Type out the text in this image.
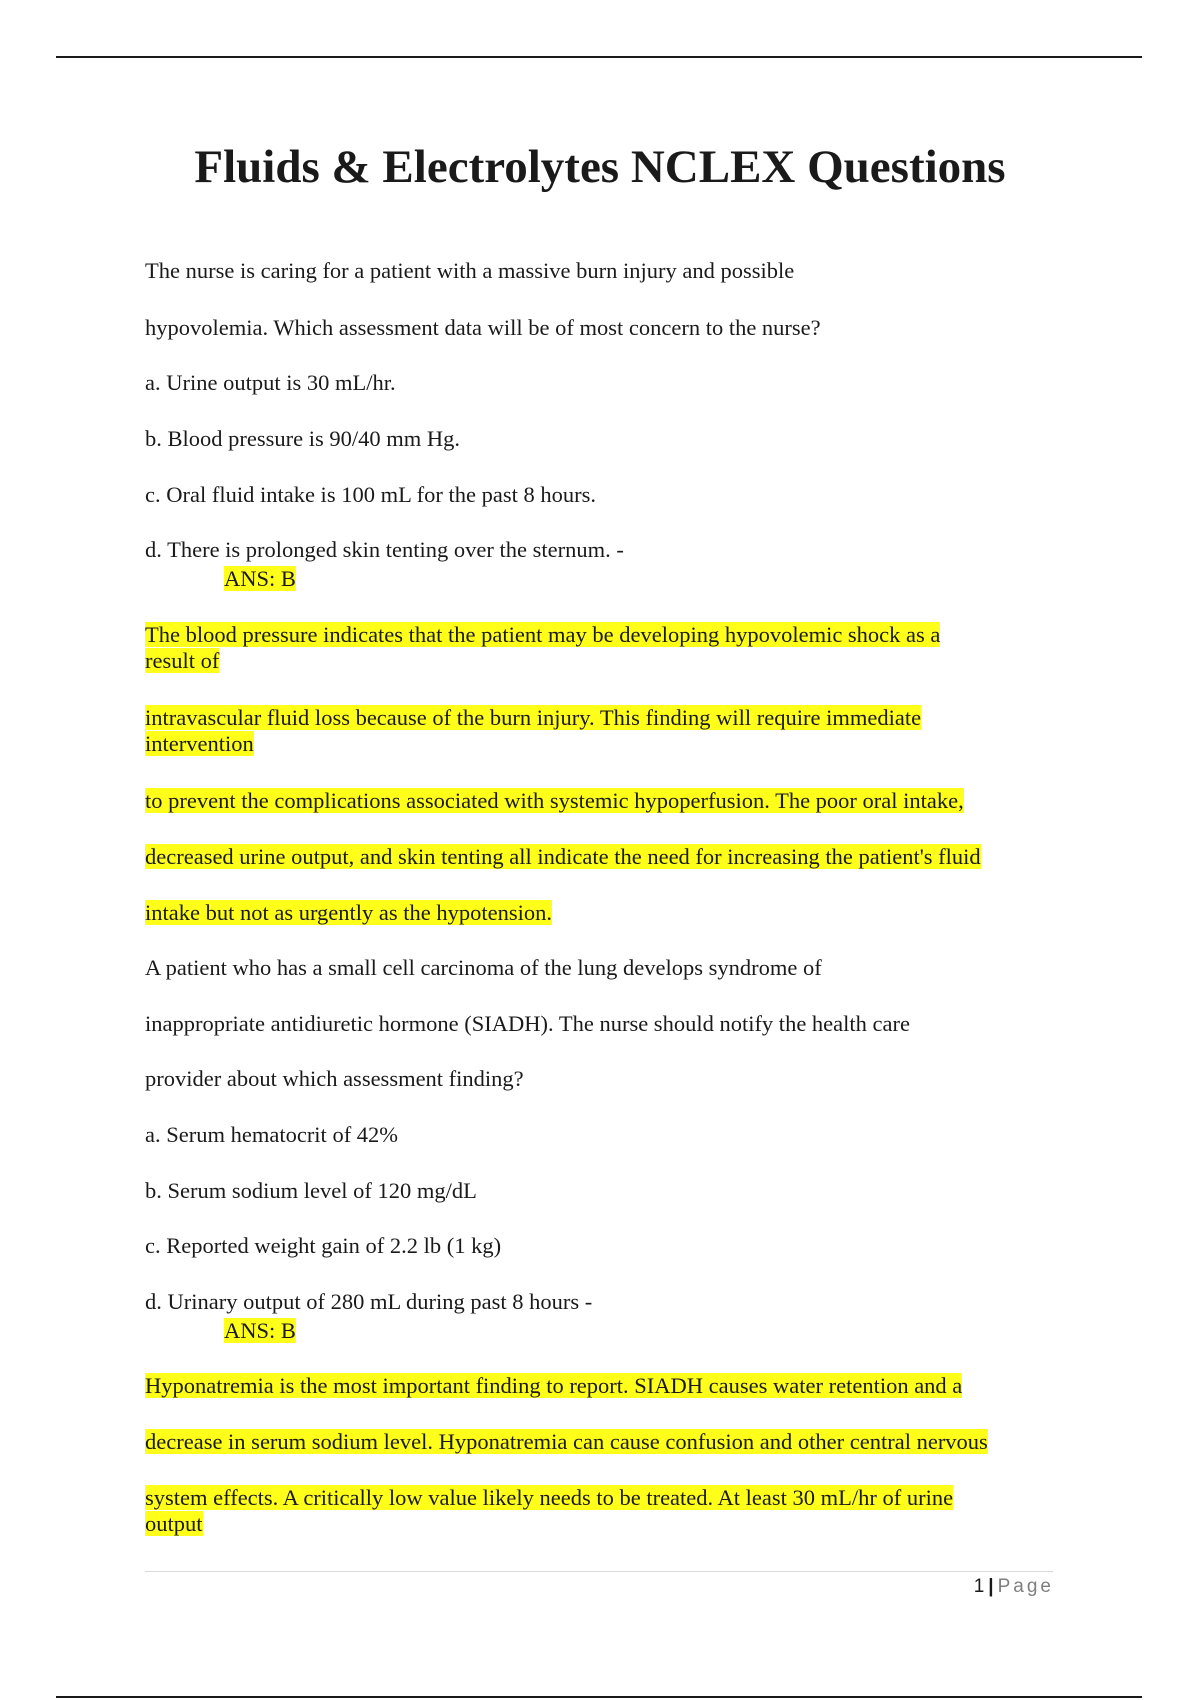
Fluids & Electrolytes NCLEX Questions

The nurse is caring for a patient with a massive burn injury and possible

hypovolemia. Which assessment data will be of most concern to the nurse?

a. Urine output is 30 mL/hr.

b. Blood pressure is 90/40 mm Hg.

c. Oral fluid intake is 100 mL for the past 8 hours.

d. There is prolonged skin tenting over the sternum. -

ANS: B

The blood pressure indicates that the patient may be developing hypovolemic shock as a

result of

intravascular fluid loss because of the burn injury. This finding will require immediate

intervention

to prevent the complications associated with systemic hypoperfusion. The poor oral intake,

decreased urine output, and skin tenting all indicate the need for increasing the patient's fluid

intake but not as urgently as the hypotension.

A patient who has a small cell carcinoma of the lung develops syndrome of

inappropriate antidiuretic hormone (SIADH). The nurse should notify the health care

provider about which assessment finding?

a. Serum hematocrit of 42%

b. Serum sodium level of 120 mg/dL

c. Reported weight gain of 2.2 lb (1 kg)

d. Urinary output of 280 mL during past 8 hours -

ANS: B

Hyponatremia is the most important finding to report. SIADH causes water retention and a

decrease in serum sodium level. Hyponatremia can cause confusion and other central nervous

system effects. A critically low value likely needs to be treated. At least 30 mL/hr of urine

output

1 | Page
